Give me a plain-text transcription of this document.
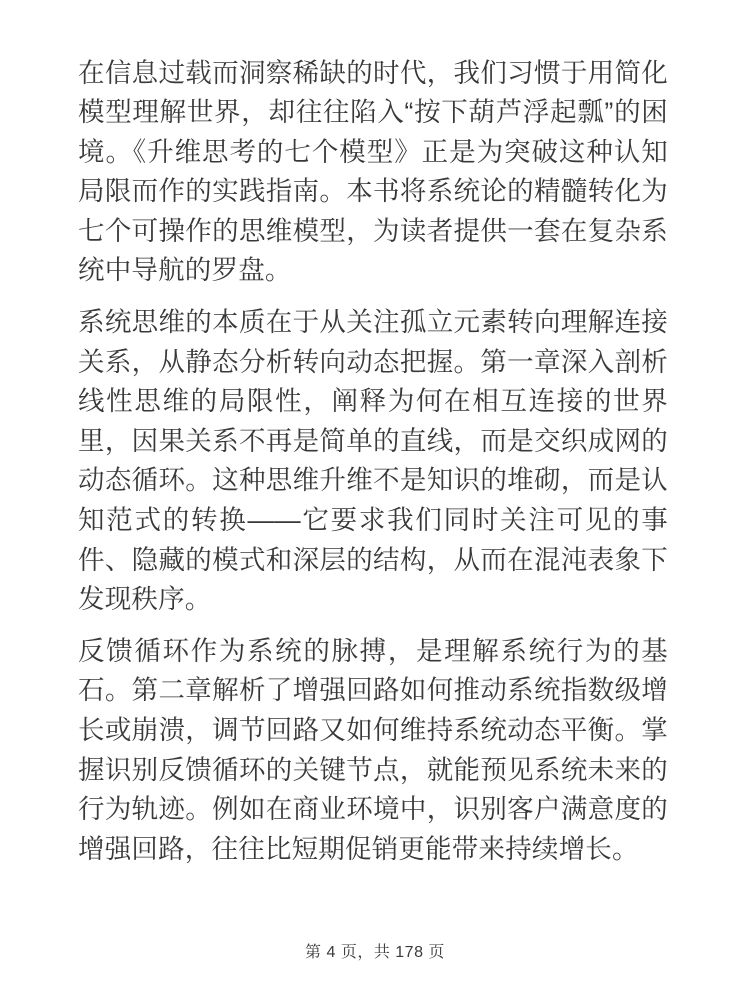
在信息过载而洞察稀缺的时代，我们习惯于用简化模型理解世界，却往往陷入“按下葫芦浮起瓢”的困境。《升维思考的七个模型》正是为突破这种认知局限而作的实践指南。本书将系统论的精髓转化为七个可操作的思维模型，为读者提供一套在复杂系统中导航的罗盘。

系统思维的本质在于从关注孤立元素转向理解连接关系，从静态分析转向动态把握。第一章深入剖析线性思维的局限性，阐释为何在相互连接的世界里，因果关系不再是简单的直线，而是交织成网的动态循环。这种思维升维不是知识的堆砌，而是认知范式的转换——它要求我们同时关注可见的事件、隐藏的模式和深层的结构，从而在混沌表象下发现秩序。

反馈循环作为系统的脉搏，是理解系统行为的基石。第二章解析了增强回路如何推动系统指数级增长或崩溃，调节回路又如何维持系统动态平衡。掌握识别反馈循环的关键节点，就能预见系统未来的行为轨迹。例如在商业环境中，识别客户满意度的增强回路，往往比短期促销更能带来持续增长。

第 4 页，共 178 页
